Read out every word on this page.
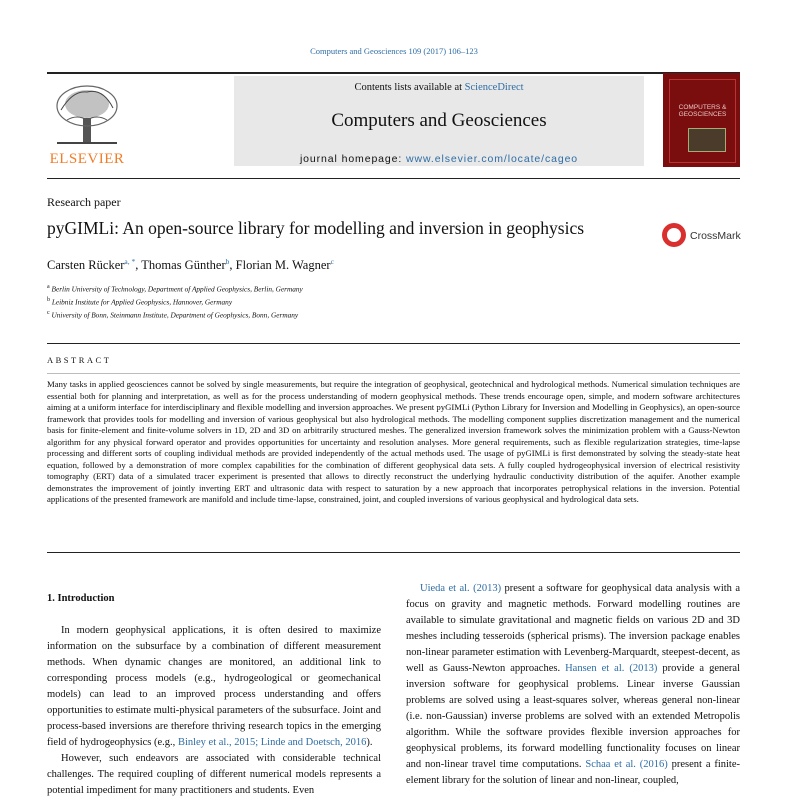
Computers and Geosciences 109 (2017) 106–123
ELSEVIER
Contents lists available at ScienceDirect
Computers and Geosciences
journal homepage: www.elsevier.com/locate/cageo
COMPUTERS & GEOSCIENCES
Research paper
pyGIMLi: An open-source library for modelling and inversion in geophysics	CrossMark
Carsten Rücker$^{a, *}$, Thomas Günther$^b$, Florian M. Wagner$^c$
$^a$ Berlin University of Technology, Department of Applied Geophysics, Berlin, Germany
$^b$ Leibniz Institute for Applied Geophysics, Hannover, Germany
$^c$ University of Bonn, Steinmann Institute, Department of Geophysics, Bonn, Germany
ABSTRACT
Many tasks in applied geosciences cannot be solved by single measurements, but require the integration of geophysical, geotechnical and hydrological methods. Numerical simulation techniques are essential both for planning and interpretation, as well as for the process understanding of modern geophysical methods. These trends encourage open, simple, and modern software architectures aiming at a uniform interface for interdisciplinary and flexible modelling and inversion approaches. We present pyGIMLi (Python Library for Inversion and Modelling in Geophysics), an open-source framework that provides tools for modelling and inversion of various geophysical but also hydrological methods. The modelling component supplies discretization management and the numerical basis for finite-element and finite-volume solvers in 1D, 2D and 3D on arbitrarily structured meshes. The generalized inversion framework solves the minimization problem with a Gauss-Newton algorithm for any physical forward operator and provides opportunities for uncertainty and resolution analyses. More general requirements, such as flexible regularization strategies, time-lapse processing and different sorts of coupling individual methods are provided independently of the actual methods used. The usage of pyGIMLi is first demonstrated by solving the steady-state heat equation, followed by a demonstration of more complex capabilities for the combination of different geophysical data sets. A fully coupled hydrogeophysical inversion of electrical resistivity tomography (ERT) data of a simulated tracer experiment is presented that allows to directly reconstruct the underlying hydraulic conductivity distribution of the aquifer. Another example demonstrates the improvement of jointly inverting ERT and ultrasonic data with respect to saturation by a new approach that incorporates petrophysical relations in the inversion. Potential applications of the presented framework are manifold and include time-lapse, constrained, joint, and coupled inversions of various geophysical and hydrological data sets.
1. Introduction

In modern geophysical applications, it is often desired to maximize information on the subsurface by a combination of different measurement methods. When dynamic changes are monitored, an additional link to corresponding process models (e.g., hydrogeological or geomechanical models) can lead to an improved process understanding and offers opportunities to estimate multi-physical parameters of the subsurface. Joint and process-based inversions are therefore thriving research topics in the emerging field of hydrogeophysics (e.g., Binley et al., 2015; Linde and Doetsch, 2016).

However, such endeavors are associated with considerable technical challenges. The required coupling of different numerical models represents a potential impediment for many practitioners and students. Even

Uieda et al. (2013) present a software for geophysical data analysis with a focus on gravity and magnetic methods. Forward modelling routines are available to simulate gravitational and magnetic fields on various 2D and 3D meshes including tesseroids (spherical prisms). The inversion package enables non-linear parameter estimation with Levenberg-Marquardt, steepest-decent, as well as Gauss-Newton approaches. Hansen et al. (2013) provide a general inversion software for geophysical problems. Linear inverse Gaussian problems are solved using a least-squares solver, whereas general non-linear (i.e. non-Gaussian) inverse problems are solved with an extended Metropolis algorithm. While the software provides flexible inversion approaches for geophysical problems, its forward modelling functionality focuses on linear and non-linear travel time computations. Schaa et al. (2016) present a finite-element library for the solution of linear and non-linear, coupled,
